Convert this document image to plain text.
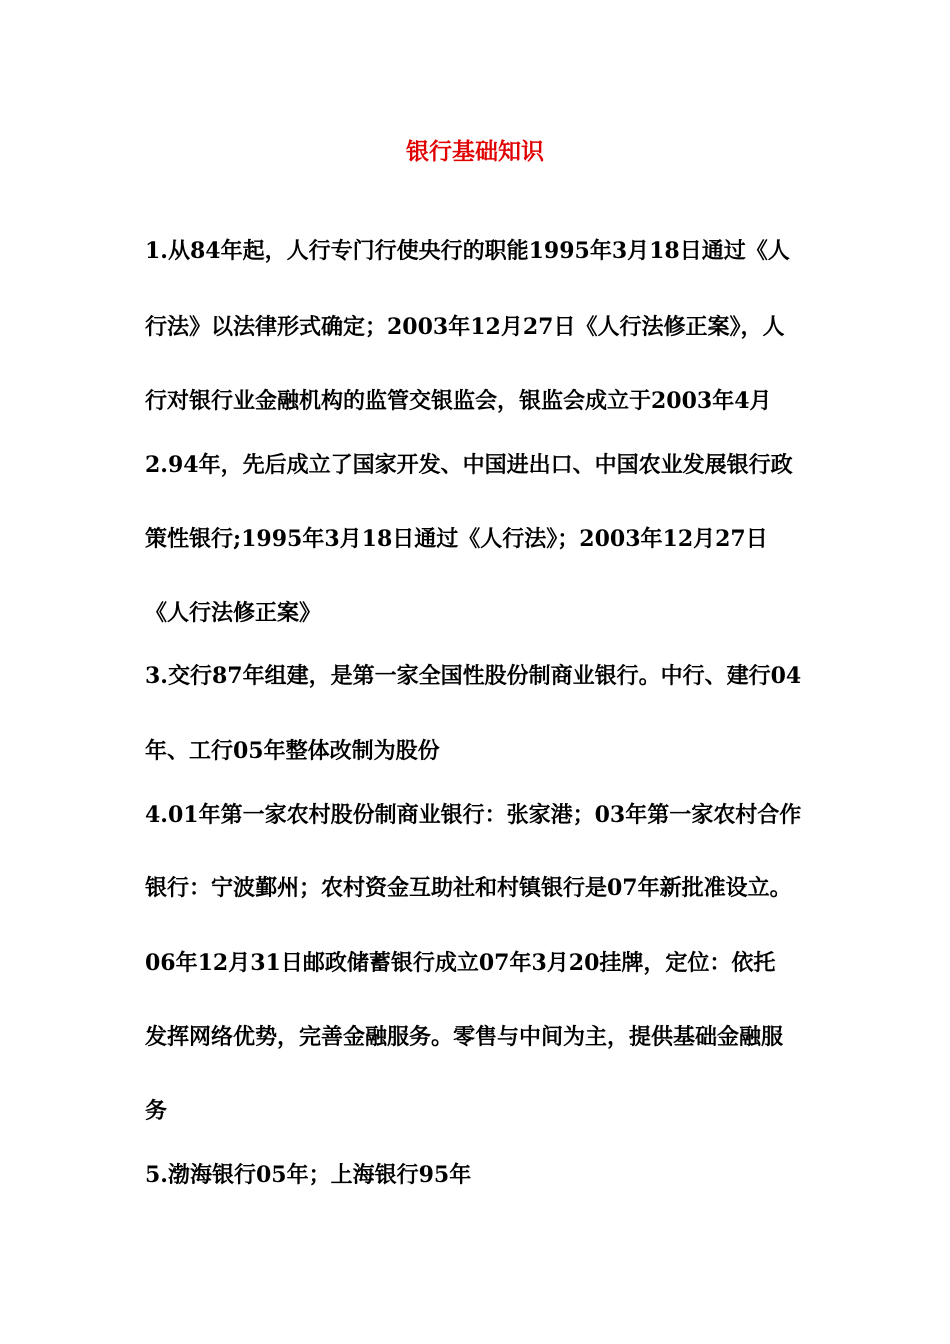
银行基础知识
1.从84年起，人行专门行使央行的职能1995年3月18日通过《人
行法》以法律形式确定；2003年12月27日《人行法修正案》，人
行对银行业金融机构的监管交银监会，银监会成立于2003年4月
2.94年，先后成立了国家开发、中国进出口、中国农业发展银行政
策性银行;1995年3月18日通过《人行法》；2003年12月27日
《人行法修正案》
3.交行87年组建，是第一家全国性股份制商业银行。中行、建行04
年、工行05年整体改制为股份
4.01年第一家农村股份制商业银行：张家港；03年第一家农村合作
银行：宁波鄞州；农村资金互助社和村镇银行是07年新批准设立。
06年12月31日邮政储蓄银行成立07年3月20挂牌，定位：依托
发挥网络优势，完善金融服务。零售与中间为主，提供基础金融服
务
5.渤海银行05年；上海银行95年
